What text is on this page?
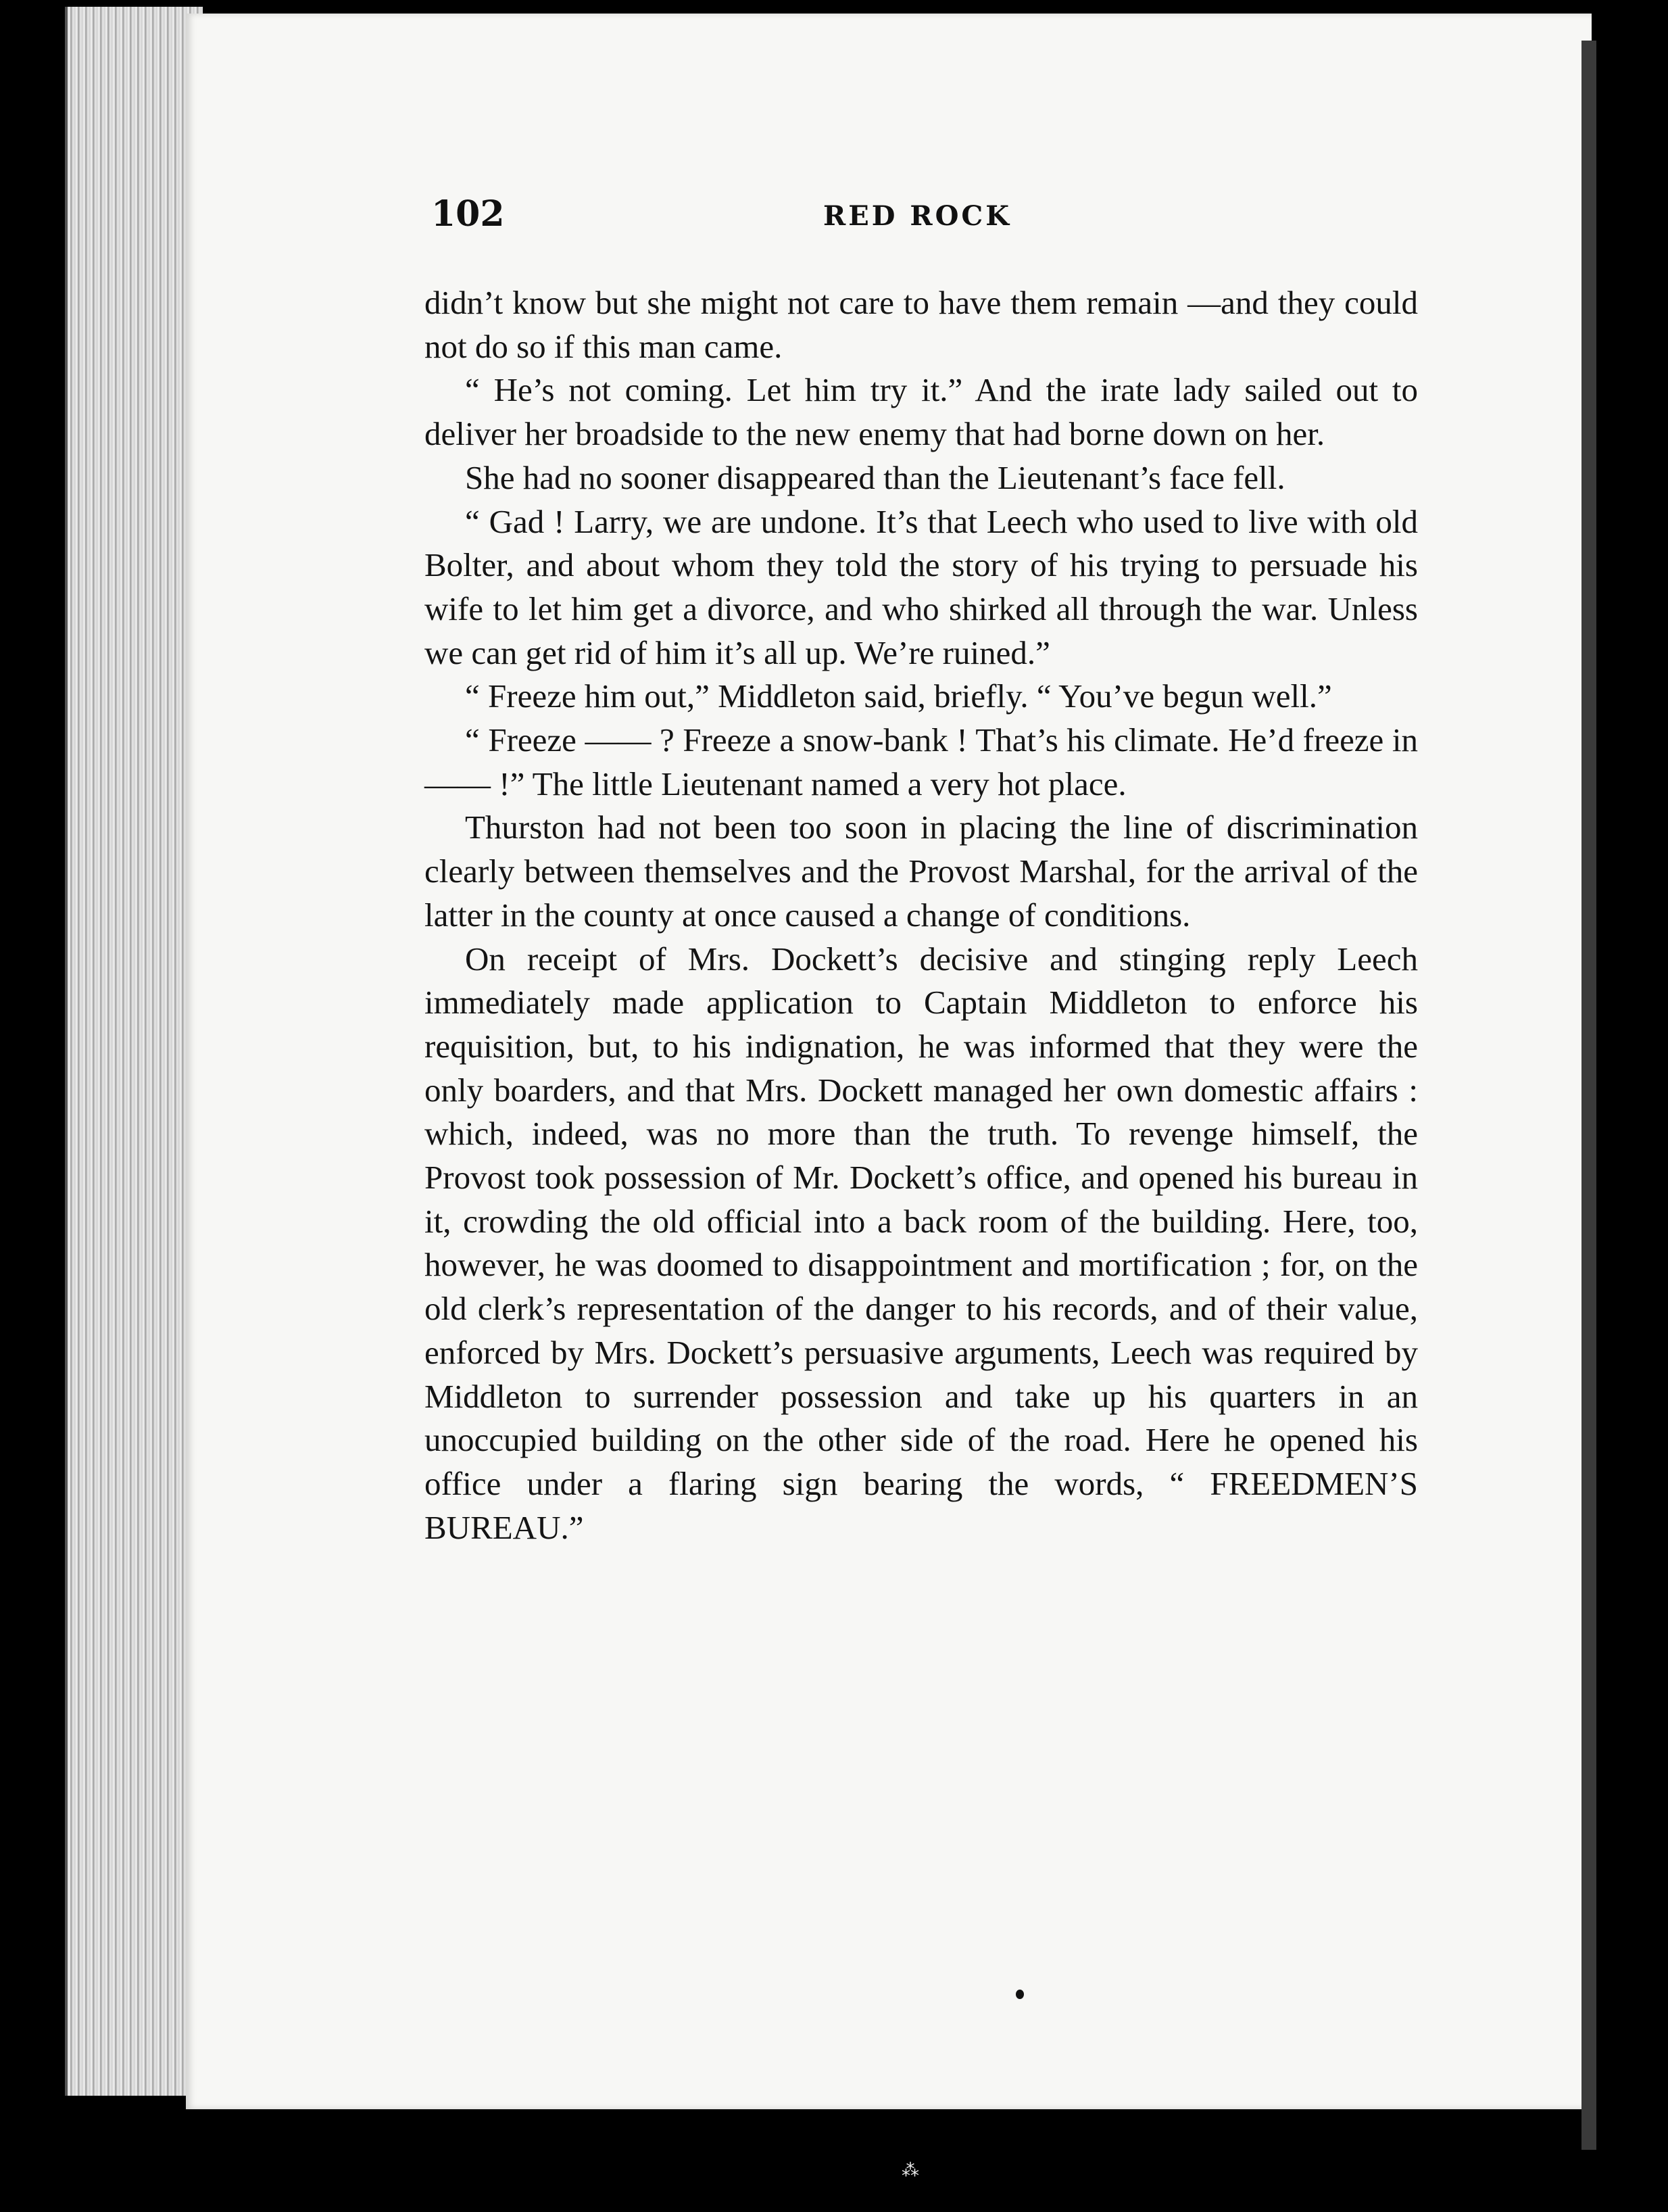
102	RED ROCK

didn’t know but she might not care to have them remain —and they could not do so if this man came.

“ He’s not coming. Let him try it.” And the irate lady sailed out to deliver her broadside to the new enemy that had borne down on her.

She had no sooner disappeared than the Lieutenant’s face fell.

“ Gad ! Larry, we are undone. It’s that Leech who used to live with old Bolter, and about whom they told the story of his trying to persuade his wife to let him get a divorce, and who shirked all through the war. Unless we can get rid of him it’s all up. We’re ruined.”

“ Freeze him out,” Middleton said, briefly. “ You’ve begun well.”

“ Freeze —— ? Freeze a snow-bank ! That’s his climate. He’d freeze in —— !” The little Lieutenant named a very hot place.

Thurston had not been too soon in placing the line of discrimination clearly between themselves and the Provost Marshal, for the arrival of the latter in the county at once caused a change of conditions.

On receipt of Mrs. Dockett’s decisive and stinging reply Leech immediately made application to Captain Middleton to enforce his requisition, but, to his indignation, he was informed that they were the only boarders, and that Mrs. Dockett managed her own domestic affairs : which, indeed, was no more than the truth. To revenge himself, the Provost took possession of Mr. Dockett’s office, and opened his bureau in it, crowding the old official into a back room of the building. Here, too, however, he was doomed to disappointment and mortification ; for, on the old clerk’s representation of the danger to his records, and of their value, enforced by Mrs. Dockett’s persuasive arguments, Leech was required by Middleton to surrender possession and take up his quarters in an unoccupied building on the other side of the road. Here he opened his office under a flaring sign bearing the words, “ FREEDMEN’S BUREAU.”

⁂
